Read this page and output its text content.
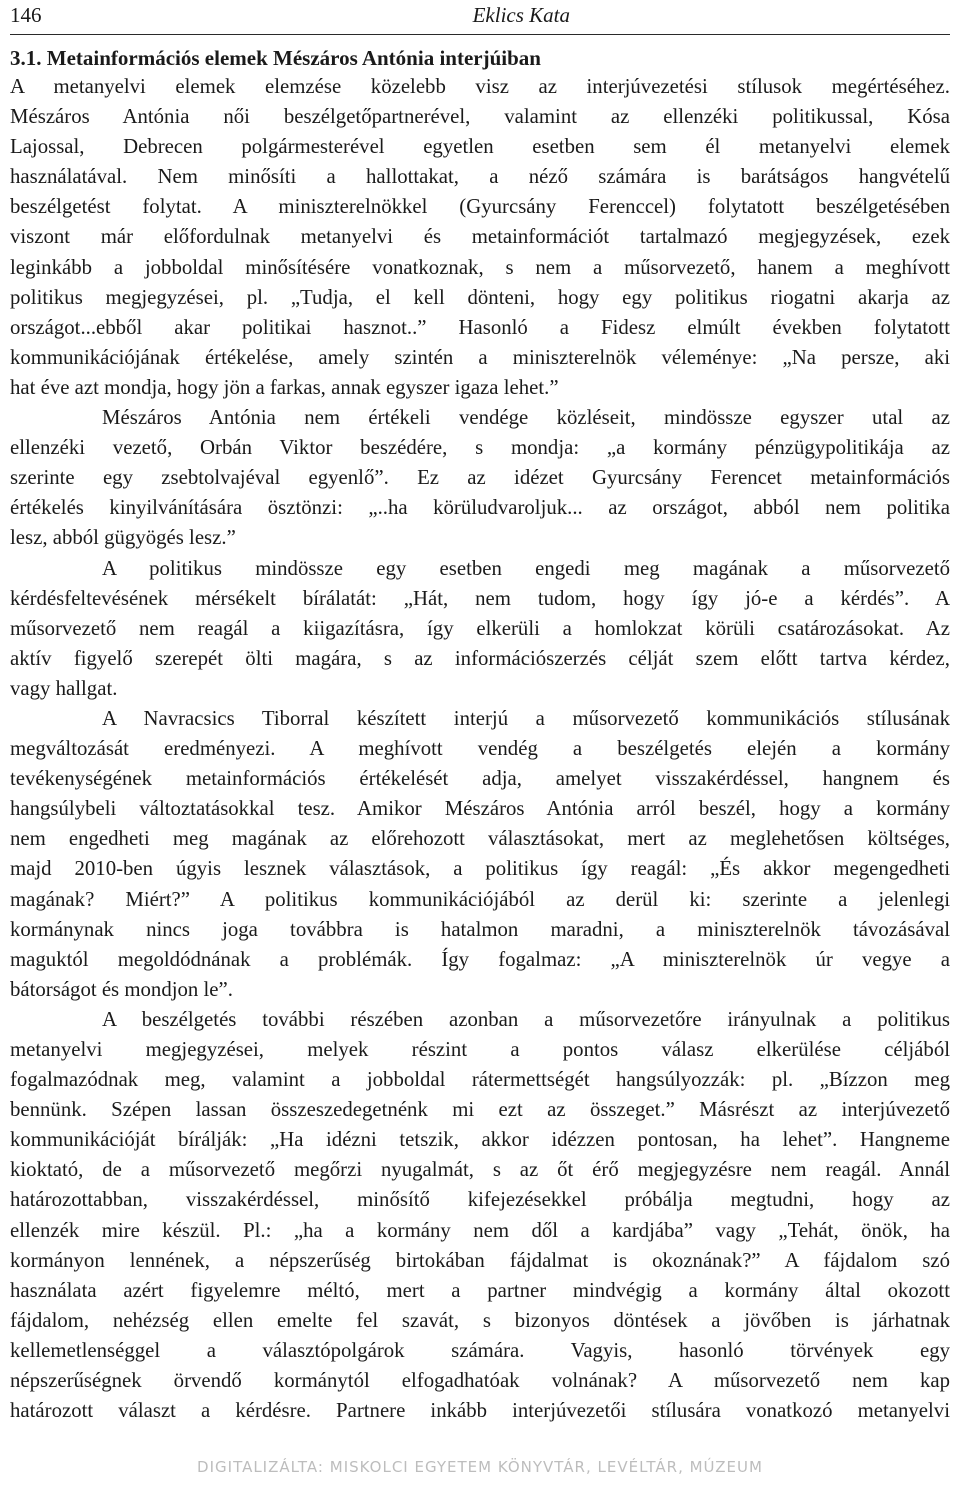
146	Eklics Kata
3.1. Metainformációs elemek Mészáros Antónia interjúiban
A metanyelvi elemek elemzése közelebb visz az interjúvezetési stílusok megértéséhez.
Mészáros Antónia női beszélgetőpartnerével, valamint az ellenzéki politikussal, Kósa
Lajossal, Debrecen polgármesterével egyetlen esetben sem él metanyelvi elemek
használatával. Nem minősíti a hallottakat, a néző számára is barátságos hangvételű
beszélgetést folytat. A miniszterelnökkel (Gyurcsány Ferenccel) folytatott beszélgetésében
viszont már előfordulnak metanyelvi és metainformációt tartalmazó megjegyzések, ezek
leginkább a jobboldal minősítésére vonatkoznak, s nem a műsorvezető, hanem a meghívott
politikus megjegyzései, pl. „Tudja, el kell dönteni, hogy egy politikus riogatni akarja az
országot...ebből akar politikai hasznot..” Hasonló a Fidesz elmúlt években folytatott
kommunikációjának értékelése, amely szintén a miniszterelnök véleménye: „Na persze, aki
hat éve azt mondja, hogy jön a farkas, annak egyszer igaza lehet.”
Mészáros Antónia nem értékeli vendége közléseit, mindössze egyszer utal az
ellenzéki vezető, Orbán Viktor beszédére, s mondja: „a kormány pénzügypolitikája az
szerinte egy zsebtolvajéval egyenlő”. Ez az idézet Gyurcsány Ferencet metainformációs
értékelés kinyilvánítására ösztönzi: „..ha körüludvaroljuk... az országot, abból nem politika
lesz, abból gügyögés lesz.”
A politikus mindössze egy esetben engedi meg magának a műsorvezető
kérdésfeltevésének mérsékelt bírálatát: „Hát, nem tudom, hogy így jó-e a kérdés”. A
műsorvezető nem reagál a kiigazításra, így elkerüli a homlokzat körüli csatározásokat. Az
aktív figyelő szerepét ölti magára, s az információszerzés célját szem előtt tartva kérdez,
vagy hallgat.
A Navracsics Tiborral készített interjú a műsorvezető kommunikációs stílusának
megváltozását eredményezi. A meghívott vendég a beszélgetés elején a kormány
tevékenységének metainformációs értékelését adja, amelyet visszakérdéssel, hangnem és
hangsúlybeli változtatásokkal tesz. Amikor Mészáros Antónia arról beszél, hogy a kormány
nem engedheti meg magának az előrehozott választásokat, mert az meglehetősen költséges,
majd 2010-ben úgyis lesznek választások, a politikus így reagál: „És akkor megengedheti
magának? Miért?” A politikus kommunikációjából az derül ki: szerinte a jelenlegi
kormánynak nincs joga továbbra is hatalmon maradni, a miniszterelnök távozásával
maguktól megoldódnának a problémák. Így fogalmaz: „A miniszterelnök úr vegye a
bátorságot és mondjon le”.
A beszélgetés további részében azonban a műsorvezetőre irányulnak a politikus
metanyelvi megjegyzései, melyek részint a pontos válasz elkerülése céljából
fogalmazódnak meg, valamint a jobboldal rátermettségét hangsúlyozzák: pl. „Bízzon meg
bennünk. Szépen lassan összeszedegetnénk mi ezt az összeget.” Másrészt az interjúvezető
kommunikációját bírálják: „Ha idézni tetszik, akkor idézzen pontosan, ha lehet”. Hangneme
kioktató, de a műsorvezető megőrzi nyugalmát, s az őt érő megjegyzésre nem reagál. Annál
határozottabban, visszakérdéssel, minősítő kifejezésekkel próbálja megtudni, hogy az
ellenzék mire készül. Pl.: „ha a kormány nem dől a kardjába” vagy „Tehát, önök, ha
kormányon lennének, a népszerűség birtokában fájdalmat is okoznának?” A fájdalom szó
használata azért figyelemre méltó, mert a partner mindvégig a kormány által okozott
fájdalom, nehézség ellen emelte fel szavát, s bizonyos döntések a jövőben is járhatnak
kellemetlenséggel a választópolgárok számára. Vagyis, hasonló törvények egy
népszerűségnek örvendő kormánytól elfogadhatóak volnának? A műsorvezető nem kap
határozott választ a kérdésre. Partnere inkább interjúvezetői stílusára vonatkozó metanyelvi
DIGITALIZÁLTA: MISKOLCI EGYETEM KÖNYVTÁR, LEVÉLTÁR, MÚZEUM
